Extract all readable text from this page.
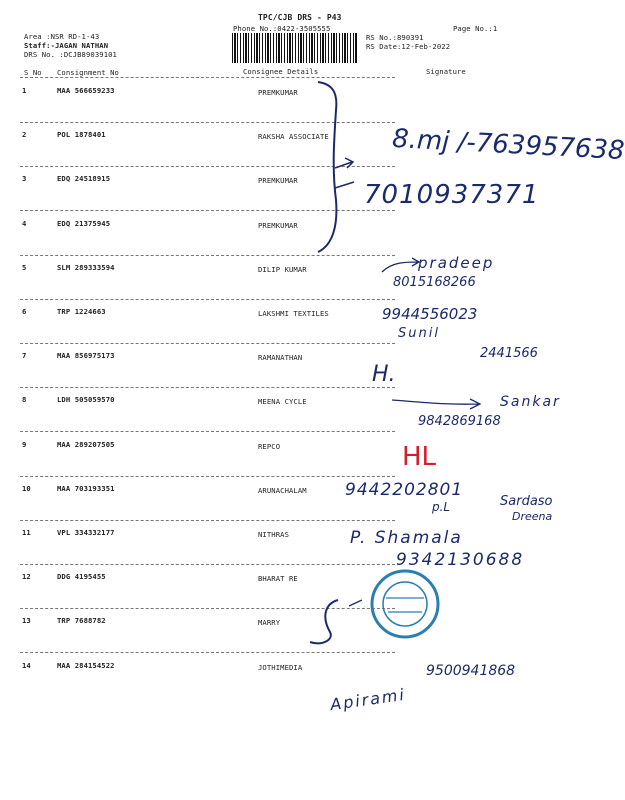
TPC/CJB DRS - P43
Phone No.:0422-3505555	Page No.:1
Area :NSR RD-1-43
Staff:-JAGAN NATHAN
DRS No. :DCJB89039101
RS No.:890391
RS Date:12-Feb-2022
S No Consignment No	Consignee Details	Signature
1	MAA 566659233	PREMKUMAR
2	POL 1878401	RAKSHA ASSOCIATE
3	EDQ 24518915	PREMKUMAR
4	EDQ 21375945	PREMKUMAR
5	SLM 289333594	DILIP KUMAR
6	TRP 1224663	LAKSHMI TEXTILES
7	MAA 856975173	RAMANATHAN
8	LDH 505059570	MEENA CYCLE
9	MAA 289207505	REPCO
10	MAA 703193351	ARUNACHALAM
11	VPL 334332177	NITHRAS
12	DDG 4195455	BHARAT RE
13	TRP 7688782	MARRY
14	MAA 284154522	JOTHIMEDIA
8.mj /-763957638
7010937371
pradeep
8015168266
9944556023
Sunil
2441566
H.
Sankar
9842869168
HL
9442202801
p.L	Sardaso
Dreena
P. Shamala
9342130688
9500941868
Apirami
